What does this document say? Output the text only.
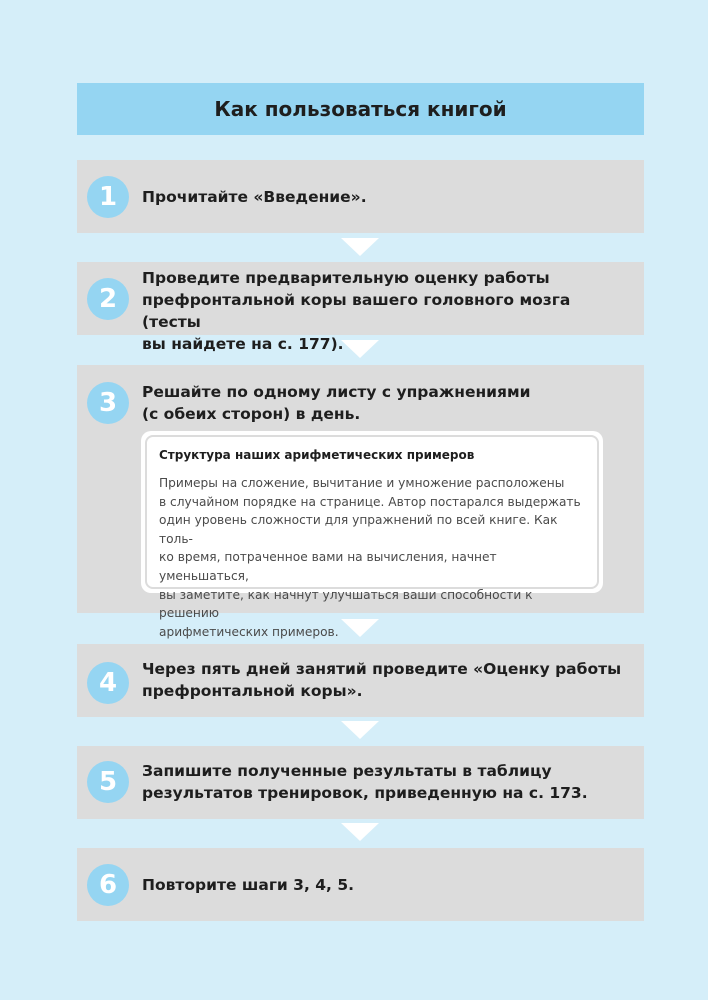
Как пользоваться книгой
1	Прочитайте «Введение».
2
Проведите предварительную оценку работы
префронтальной коры вашего головного мозга (тесты
вы найдете на с. 177).
3	Решайте по одному листу с упражнениями
(с обеих сторон) в день.
Структура наших арифметических примеров
Примеры на сложение, вычитание и умножение расположены
в случайном порядке на странице. Автор постарался выдержать
один уровень сложности для упражнений по всей книге. Как толь-
ко время, потраченное вами на вычисления, начнет уменьшаться,
вы заметите, как начнут улучшаться ваши способности к решению
арифметических примеров.
4	Через пять дней занятий проведите «Оценку работы
префронтальной коры».
5	Запишите полученные результаты в таблицу
результатов тренировок, приведенную на с. 173.
6	Повторите шаги 3, 4, 5.
